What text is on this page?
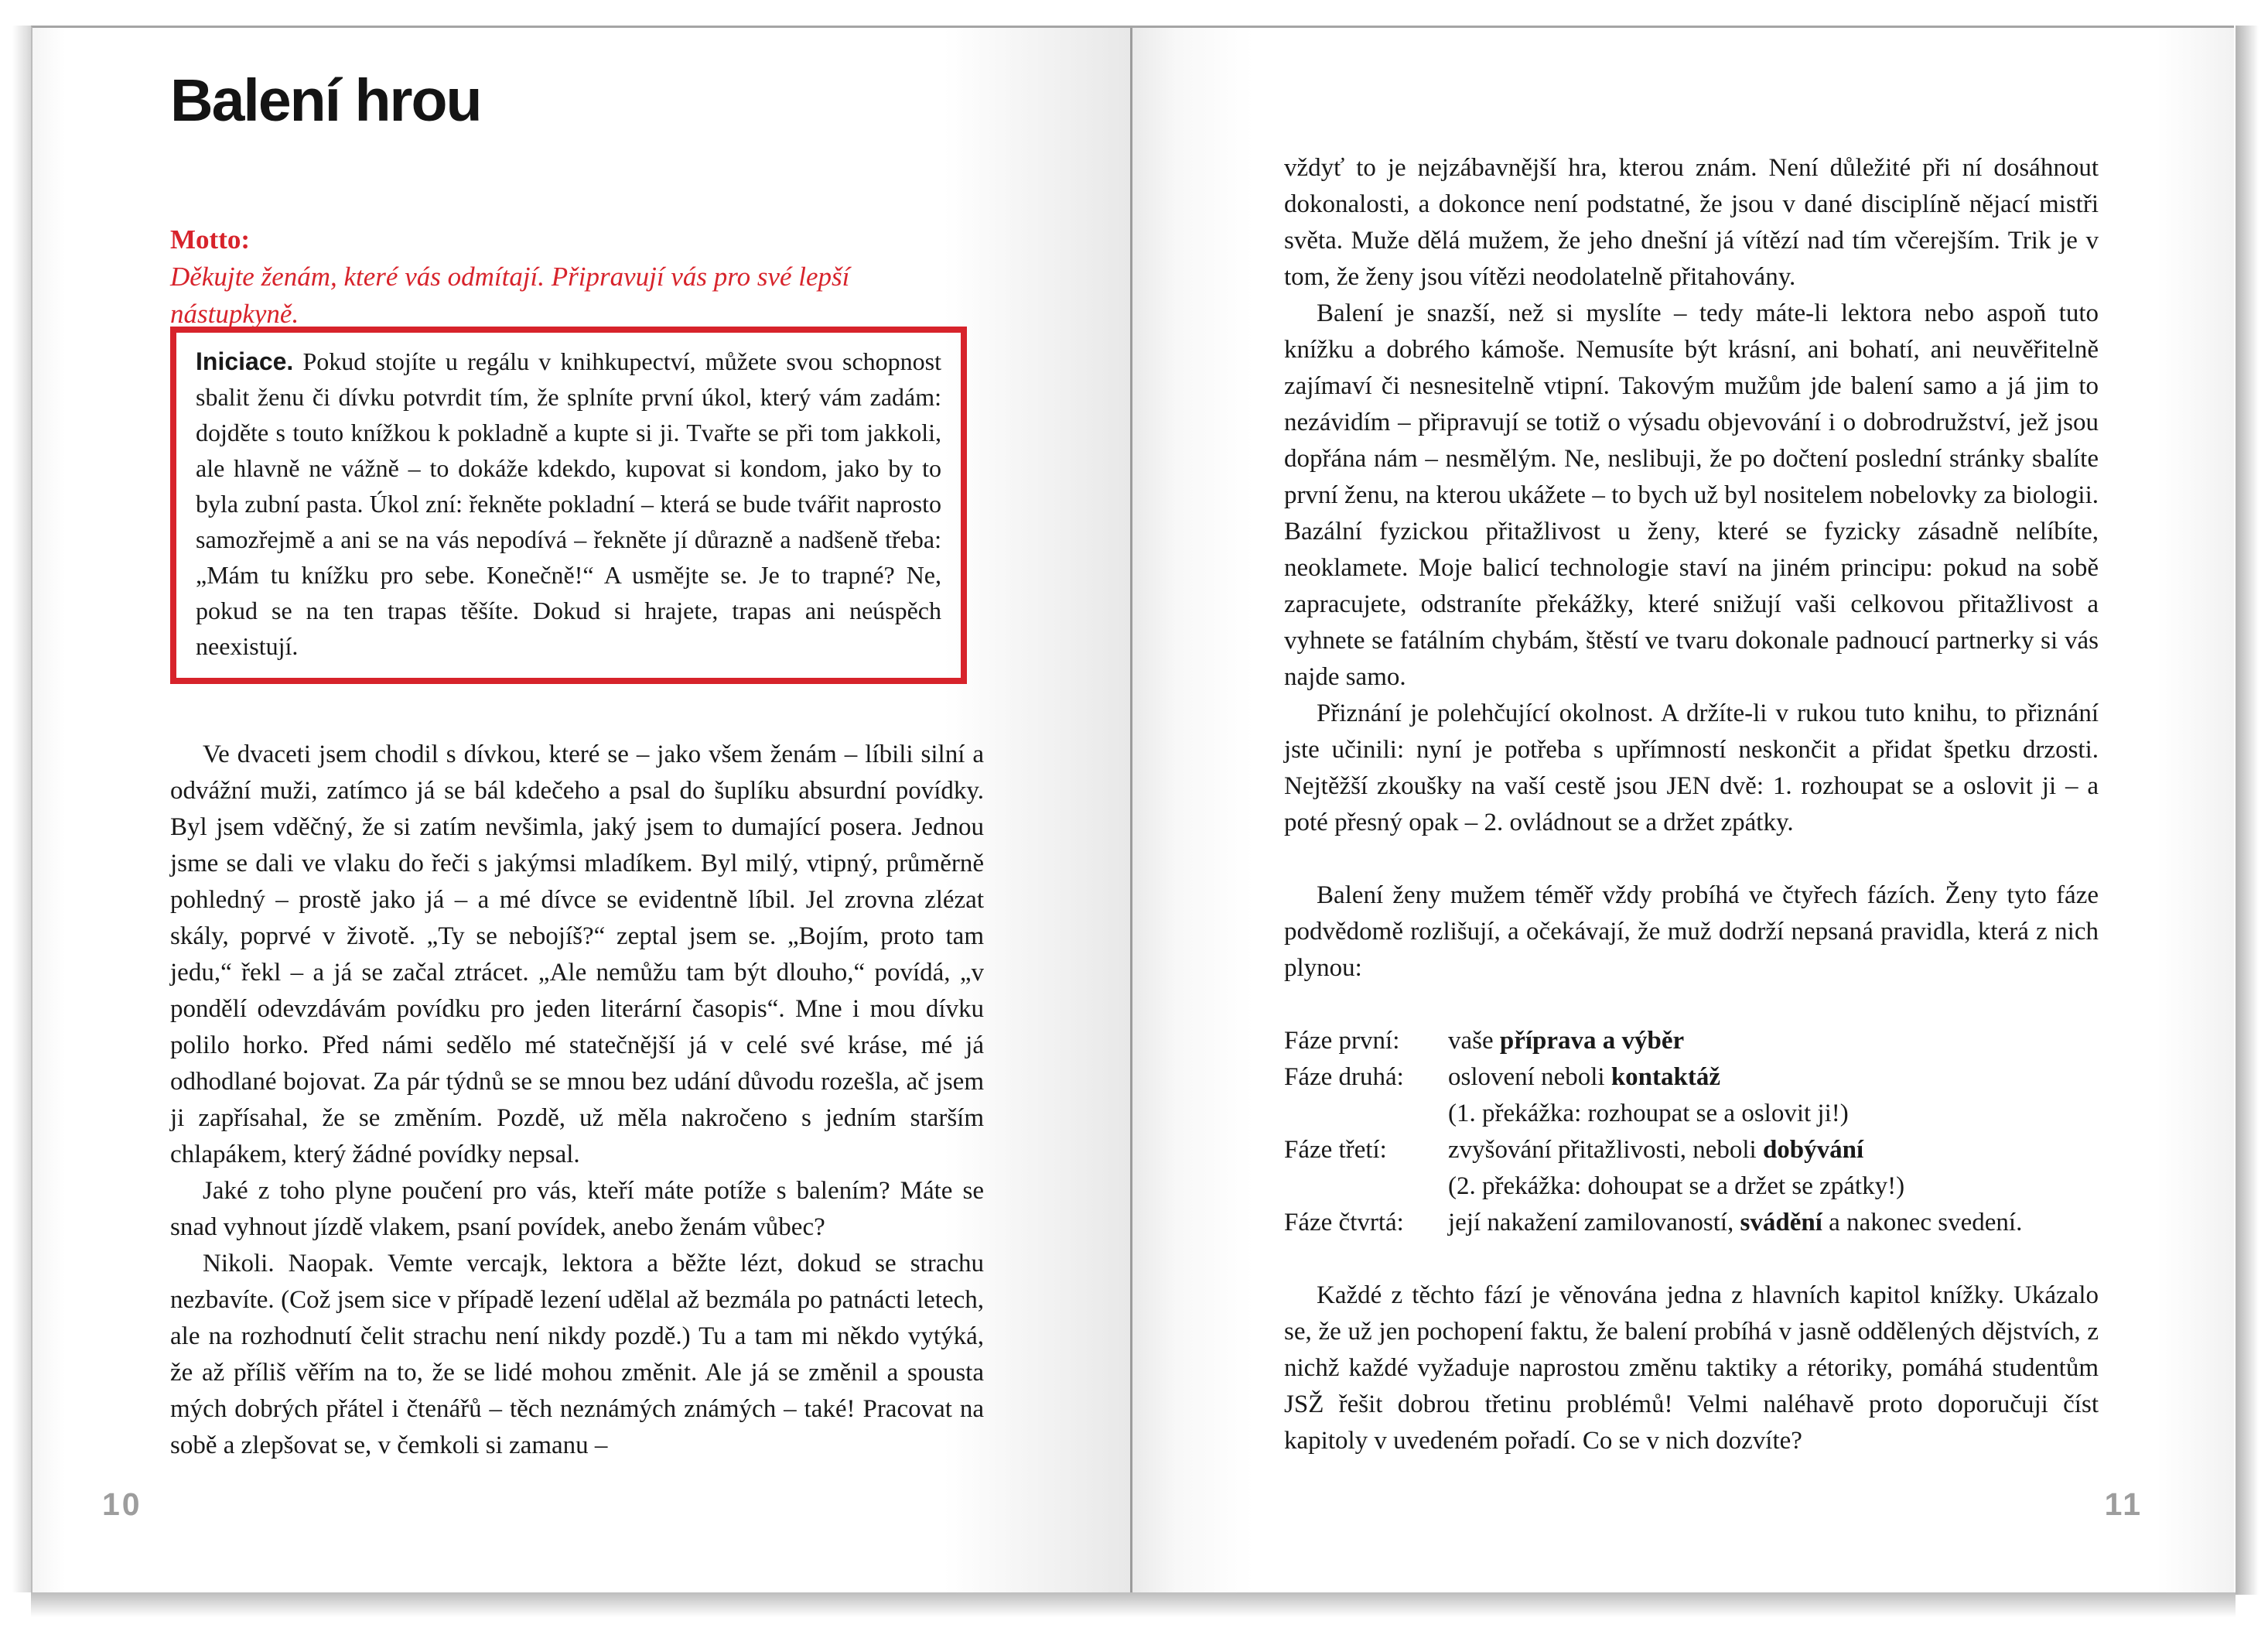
Balení hrou
Motto:
Děkujte ženám, které vás odmítají. Připravují vás pro své lepší nástupkyně.
Iniciace. Pokud stojíte u regálu v knihkupectví, můžete svou schopnost sbalit ženu či dívku potvrdit tím, že splníte první úkol, který vám zadám: dojděte s touto knížkou k pokladně a kupte si ji. Tvařte se při tom jakkoli, ale hlavně ne vážně – to dokáže kdekdo, kupovat si kondom, jako by to byla zubní pasta. Úkol zní: řekněte pokladní – která se bude tvářit naprosto samozřejmě a ani se na vás nepodívá – řekněte jí důrazně a nadšeně třeba: „Mám tu knížku pro sebe. Konečně!“ A usmějte se. Je to trapné? Ne, pokud se na ten trapas těšíte. Dokud si hrajete, trapas ani neúspěch neexistují.

Ve dvaceti jsem chodil s dívkou, které se – jako všem ženám – líbili silní a odvážní muži, zatímco já se bál kdečeho a psal do šuplíku absurdní povídky. Byl jsem vděčný, že si zatím nevšimla, jaký jsem to dumající posera. Jednou jsme se dali ve vlaku do řeči s jakýmsi mladíkem. Byl milý, vtipný, průměrně pohledný – prostě jako já – a mé dívce se evidentně líbil. Jel zrovna zlézat skály, poprvé v životě. „Ty se nebojíš?“ zeptal jsem se. „Bojím, proto tam jedu,“ řekl – a já se začal ztrácet. „Ale nemůžu tam být dlouho,“ povídá, „v pondělí odevzdávám povídku pro jeden literární časopis“. Mne i mou dívku polilo horko. Před námi sedělo mé statečnější já v celé své kráse, mé já odhodlané bojovat. Za pár týdnů se se mnou bez udání důvodu rozešla, ač jsem ji zapřísahal, že se změním. Pozdě, už měla nakročeno s jedním starším chlapákem, který žádné povídky nepsal.

Jaké z toho plyne poučení pro vás, kteří máte potíže s balením? Máte se snad vyhnout jízdě vlakem, psaní povídek, anebo ženám vůbec?

Nikoli. Naopak. Vemte vercajk, lektora a běžte lézt, dokud se strachu nezbavíte. (Což jsem sice v případě lezení udělal až bezmála po patnácti letech, ale na rozhodnutí čelit strachu není nikdy pozdě.) Tu a tam mi někdo vytýká, že až příliš věřím na to, že se lidé mohou změnit. Ale já se změnil a spousta mých dobrých přátel i čtenářů – těch neznámých známých – také! Pracovat na sobě a zlepšovat se, v čemkoli si zamanu –

10

vždyť to je nejzábavnější hra, kterou znám. Není důležité při ní dosáhnout dokonalosti, a dokonce není podstatné, že jsou v dané disciplíně nějací mistři světa. Muže dělá mužem, že jeho dnešní já vítězí nad tím včerejším. Trik je v tom, že ženy jsou vítězi neodolatelně přitahovány.

Balení je snazší, než si myslíte – tedy máte-li lektora nebo aspoň tuto knížku a dobrého kámoše. Nemusíte být krásní, ani bohatí, ani neuvěřitelně zajímaví či nesnesitelně vtipní. Takovým mužům jde balení samo a já jim to nezávidím – připravují se totiž o výsadu objevování i o dobrodružství, jež jsou dopřána nám – nesmělým. Ne, neslibuji, že po dočtení poslední stránky sbalíte první ženu, na kterou ukážete – to bych už byl nositelem nobelovky za biologii. Bazální fyzickou přitažlivost u ženy, které se fyzicky zásadně nelíbíte, neoklamete. Moje balicí technologie staví na jiném principu: pokud na sobě zapracujete, odstraníte překážky, které snižují vaši celkovou přitažlivost a vyhnete se fatálním chybám, štěstí ve tvaru dokonale padnoucí partnerky si vás najde samo.

Přiznání je polehčující okolnost. A držíte-li v rukou tuto knihu, to přiznání jste učinili: nyní je potřeba s upřímností neskončit a přidat špetku drzosti. Nejtěžší zkoušky na vaší cestě jsou JEN dvě: 1. rozhoupat se a oslovit ji – a poté přesný opak – 2. ovládnout se a držet zpátky.

Balení ženy mužem téměř vždy probíhá ve čtyřech fázích. Ženy tyto fáze podvědomě rozlišují, a očekávají, že muž dodrží nepsaná pravidla, která z nich plynou:

Fáze první:	vaše příprava a výběr
Fáze druhá:	oslovení neboli kontaktáž
(1. překážka: rozhoupat se a oslovit ji!)
Fáze třetí:	zvyšování přitažlivosti, neboli dobývání
(2. překážka: dohoupat se a držet se zpátky!)
Fáze čtvrtá:	její nakažení zamilovaností, svádění a nakonec svedení.

Každé z těchto fází je věnována jedna z hlavních kapitol knížky. Ukázalo se, že už jen pochopení faktu, že balení probíhá v jasně oddělených dějstvích, z nichž každé vyžaduje naprostou změnu taktiky a rétoriky, pomáhá studentům JSŽ řešit dobrou třetinu problémů! Velmi naléhavě proto doporučuji číst kapitoly v uvedeném pořadí. Co se v nich dozvíte?

11
